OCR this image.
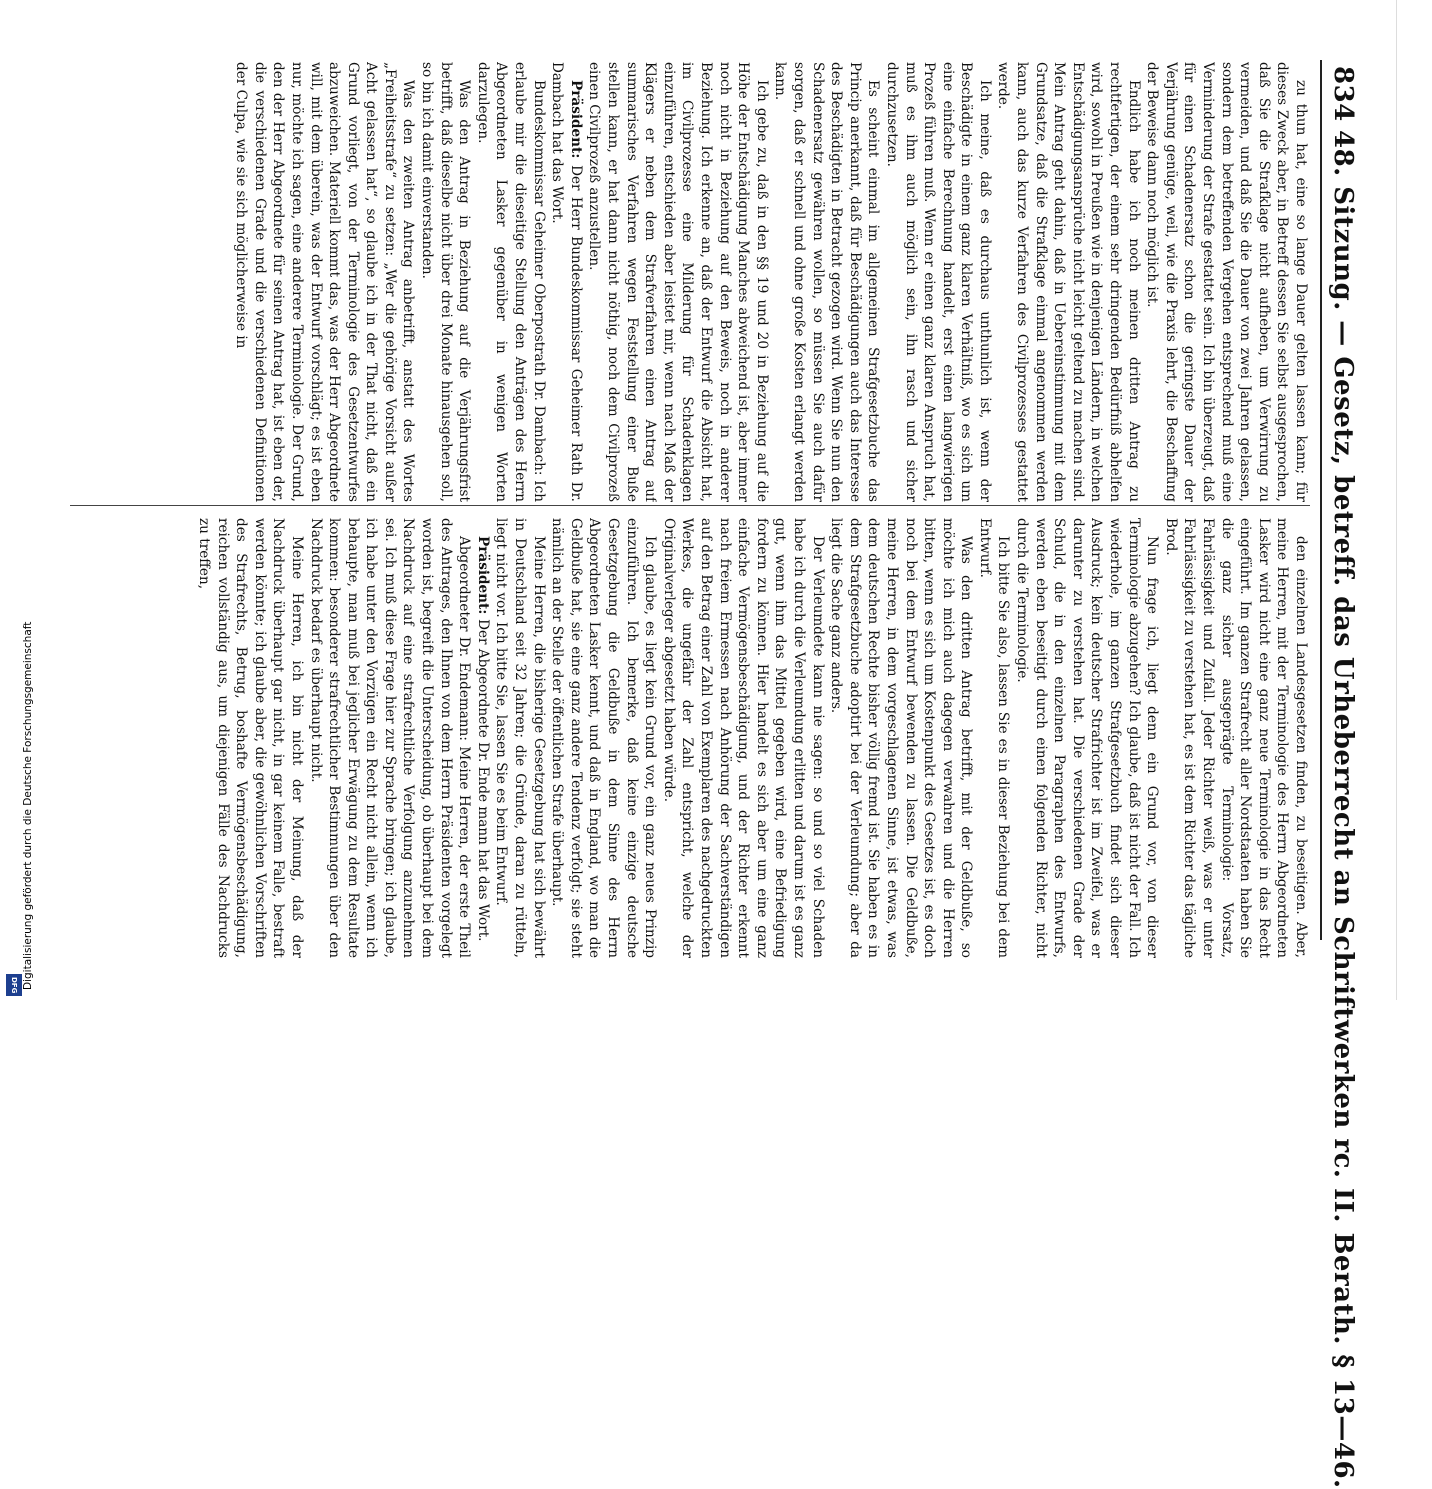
Digitalisierung gefördert durch die Deutsche Forschungsgemeinschaft
DFG
834
48. Sitzung. — Gesetz, betreff. das Urheberrecht an Schriftwerken rc. II. Berath. § 13—46.

zu thun hat, eine so lange Dauer gelten lassen kann; für dieses Zweck aber, in Betreff dessen Sie selbst ausgesprochen, daß Sie die Strafklage nicht aufheben, um Verwirrung zu vermeiden, und daß Sie die Dauer von zwei Jahren gelassen, sondern dem betreffenden Vergehen entsprechend muß eine Verminderung der Strafe gestattet sein. Ich bin überzeugt, daß für einen Schadenersatz schon die geringste Dauer der Verjährung genüge, weil, wie die Praxis lehrt, die Beschaffung der Beweise dann noch möglich ist.

Endlich habe ich noch meinen dritten Antrag zu rechtfertigen, der einem sehr dringenden Bedürfniß abhelfen wird, sowohl in Preußen wie in denjenigen Ländern, in welchen Entschädigungsansprüche nicht leicht geltend zu machen sind. Mein Antrag geht dahin, daß in Uebereinstimmung mit dem Grundsatze, daß die Strafklage einmal angenommen werden kann, auch das kurze Verfahren des Civilprozesses gestattet werde.

Ich meine, daß es durchaus unthunlich ist, wenn der Beschädigte in einem ganz klaren Verhältniß, wo es sich um eine einfache Berechnung handelt, erst einen langwierigen Prozeß führen muß. Wenn er einen ganz klaren Anspruch hat, muß es ihm auch möglich sein, ihn rasch und sicher durchzusetzen.

Es scheint einmal im allgemeinen Strafgesetzbuche das Princip anerkannt, daß für Beschädigungen auch das Interesse des Beschädigten in Betracht gezogen wird. Wenn Sie nun den Schadenersatz gewähren wollen, so müssen Sie auch dafür sorgen, daß er schnell und ohne große Kosten erlangt werden kann.

Ich gebe zu, daß in den §§ 19 und 20 in Beziehung auf die Höhe der Entschädigung Manches abweichend ist, aber immer noch nicht in Beziehung auf den Beweis, noch in anderer Beziehung. Ich erkenne an, daß der Entwurf die Absicht hat, im Civilprozesse eine Milderung für Schadenklagen einzuführen, entschieden aber leistet mir, wenn nach Maß der Klägers er neben dem Strafverfahren einen Antrag auf summarisches Verfahren wegen Feststellung einer Buße stellen kann, er hat dann nicht nöthig, noch dem Civilprozeß einen Civilprozeß anzustellen.

Präsident: Der Herr Bundeskommissar Geheimer Rath Dr. Dambach hat das Wort.

Bundeskommissar Geheimer Oberpostrath Dr. Dambach: Ich erlaube mir die dieseitige Stellung den Anträgen des Herrn Abgeordneten Lasker gegenüber in wenigen Worten darzulegen.

Was den Antrag in Beziehung auf die Verjährungsfrist betrifft, daß dieselbe nicht über drei Monate hinausgehen soll, so bin ich damit einverstanden.

Was den zweiten Antrag anbetrifft, anstatt des Wortes „Freiheitsstrafe“ zu setzen: „Wer die gehörige Vorsicht außer Acht gelassen hat“, so glaube ich in der That nicht, daß ein Grund vorliegt, von der Terminologie des Gesetzentwurfes abzuweichen. Materiell kommt das, was der Herr Abgeordnete will, mit dem überein, was der Entwurf vorschlägt; es ist eben nur, möchte ich sagen, eine anderere Terminologie. Der Grund, den der Herr Abgeordnete für seinen Antrag hat, ist eben der, die verschiedenen Grade und die verschiedenen Definitionen der Culpa, wie sie sich möglicherweise in

den einzelnen Landesgesetzen finden, zu beseitigen. Aber, meine Herren, mit der Terminologie des Herrn Abgeordneten Lasker wird nicht eine ganz neue Terminologie in das Recht eingeführt. Im ganzen Strafrecht aller Nordstaaten haben Sie die ganz sicher ausgeprägte Terminologie: Vorsatz, Fahrlässigkeit und Zufall. Jeder Richter weiß, was er unter Fahrlässigkeit zu verstehen hat, es ist dem Richter das tägliche Brod.

Nun frage ich, liegt denn ein Grund vor, von dieser Terminologie abzugehen? Ich glaube, daß ist nicht der Fall. Ich wiederhole, im ganzen Strafgesetzbuch findet sich dieser Ausdruck; kein deutscher Strafrichter ist im Zweifel, was er darunter zu verstehen hat. Die verschiedenen Grade der Schuld, die in den einzelnen Paragraphen des Entwurfs, werden eben beseitigt durch einen folgenden Richter, nicht durch die Terminologie.

Ich bitte Sie also, lassen Sie es in dieser Beziehung bei dem Entwurf.

Was den dritten Antrag betrifft, mit der Geldbuße, so möchte ich mich auch dagegen verwahren und die Herren bitten, wenn es sich um Kostenpunkt des Gesetzes ist, es doch noch bei dem Entwurf bewenden zu lassen. Die Geldbuße, meine Herren, in dem vorgeschlagenen Sinne, ist etwas, was dem deutschen Rechte bisher völlig fremd ist. Sie haben es in dem Strafgesetzbuche adoptirt bei der Verleumdung; aber da liegt die Sache ganz anders.

Der Verleumdete kann nie sagen: so und so viel Schaden habe ich durch die Verleumdung erlitten und darum ist es ganz gut, wenn ihm das Mittel gegeben wird, eine Befriedigung fordern zu können. Hier handelt es sich aber um eine ganz einfache Vermögensbeschädigung, und der Richter erkennt nach freiem Ermessen nach Anhörung der Sachverständigen auf den Betrag einer Zahl von Exemplaren des nachgedruckten Werkes, die ungefähr der Zahl entspricht, welche der Originalverleger abgesetzt haben würde.

Ich glaube, es liegt kein Grund vor, ein ganz neues Prinzip einzuführen. Ich bemerke, daß keine einzige deutsche Gesetzgebung die Geldbuße in dem Sinne des Herrn Abgeordneten Lasker kennt, und daß in England, wo man die Geldbuße hat, sie eine ganz andere Tendenz verfolgt; sie steht nämlich an der Stelle der öffentlichen Strafe überhaupt.

Meine Herren, die bisherige Gesetzgebung hat sich bewährt in Deutschland seit 32 Jahren; die Gründe, daran zu rütteln, liegt nicht vor. Ich bitte Sie, lassen Sie es beim Entwurf.

Präsident: Der Abgeordnete Dr. Ende mann hat das Wort.

Abgeordneter Dr. Endemann: Meine Herren, der erste Theil des Antrages, den Ihnen von dem Herrn Präsidenten vorgelegt worden ist, begreift die Unterscheidung, ob überhaupt bei dem Nachdruck auf eine strafrechtliche Verfolgung anzunehmen sei. Ich muß diese Frage hier zur Sprache bringen; ich glaube, ich habe unter den Vorzügen ein Recht nicht allein, wenn ich behaupte, man muß bei jeglicher Erwägung zu dem Resultate kommen: besonderer strafrechtlicher Bestimmungen über den Nachdruck bedarf es überhaupt nicht.

Meine Herren, ich bin nicht der Meinung, daß der Nachdruck überhaupt gar nicht, in gar keinem Falle, bestraft werden könnte; ich glaube aber, die gewöhnlichen Vorschriften des Strafrechts, Betrug, boshafte Vermögensbeschädigung, reichen vollständig aus, um diejenigen Fälle des Nachdrucks zu treffen,
